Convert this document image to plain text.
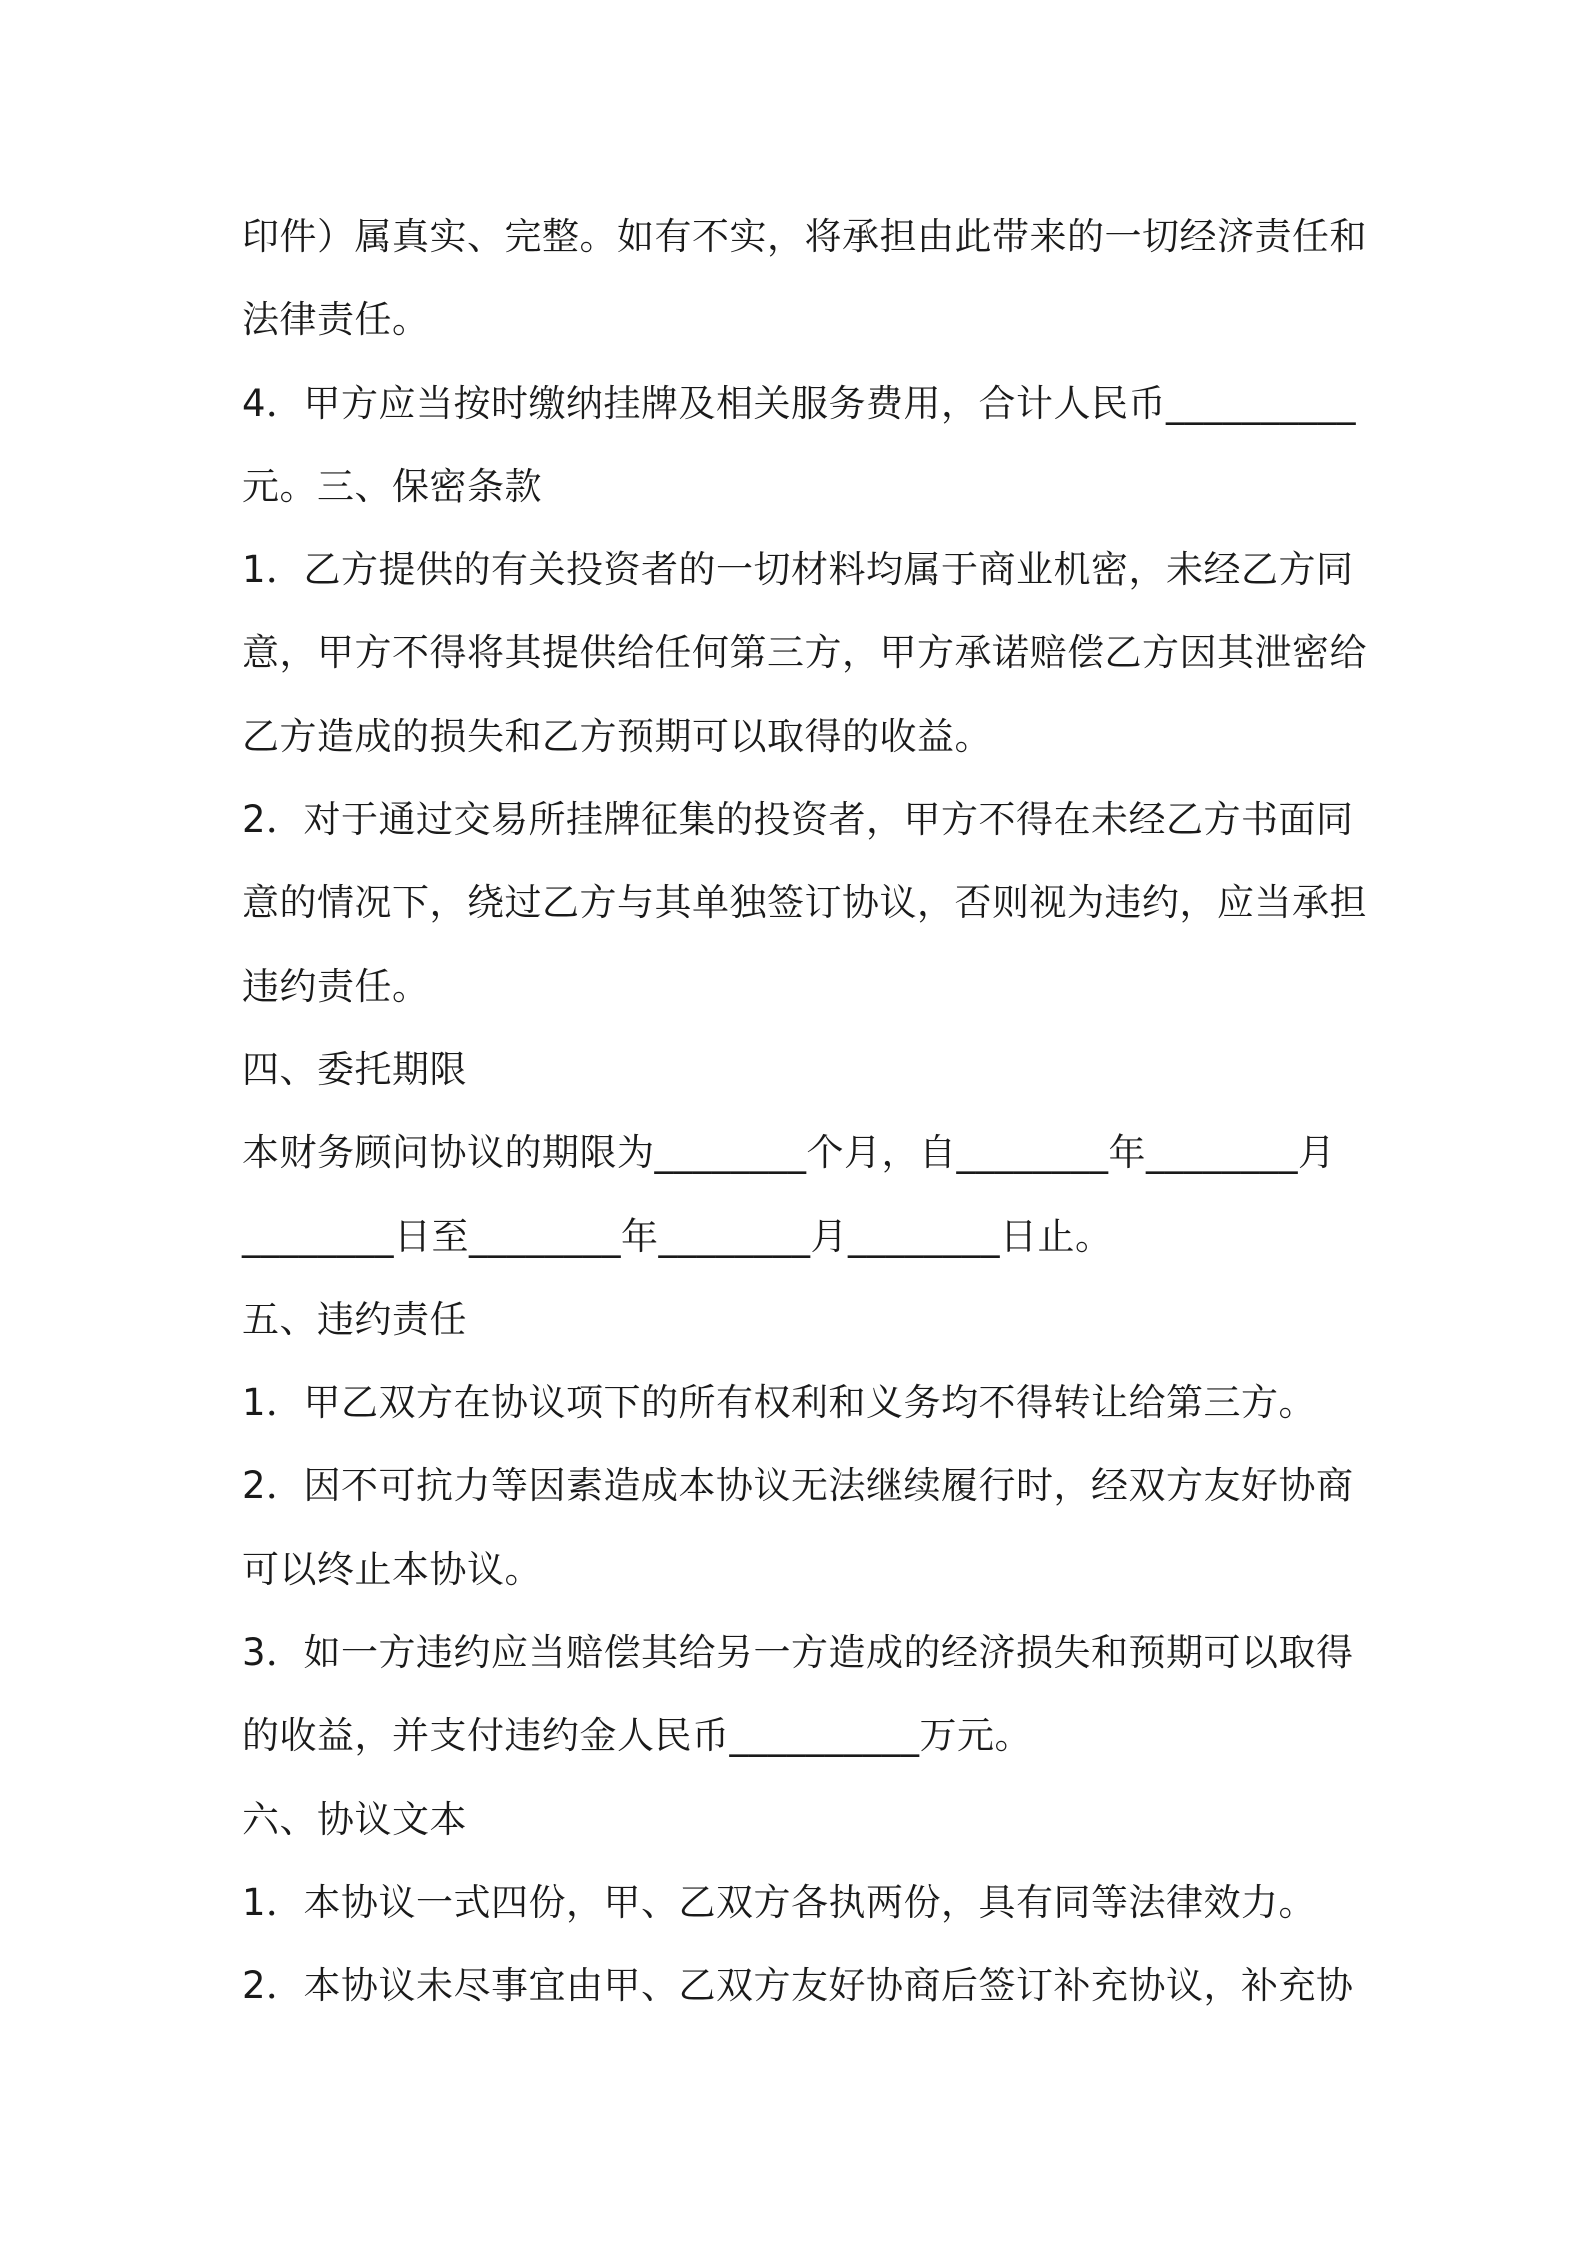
印件）属真实、完整。如有不实，将承担由此带来的一切经济责任和
法律责任。
4．甲方应当按时缴纳挂牌及相关服务费用，合计人民币__________
元。三、保密条款
1．乙方提供的有关投资者的一切材料均属于商业机密，未经乙方同
意，甲方不得将其提供给任何第三方，甲方承诺赔偿乙方因其泄密给
乙方造成的损失和乙方预期可以取得的收益。
2．对于通过交易所挂牌征集的投资者，甲方不得在未经乙方书面同
意的情况下，绕过乙方与其单独签订协议，否则视为违约，应当承担
违约责任。
四、委托期限
本财务顾问协议的期限为________个月，自________年________月
________日至________年________月________日止。
五、违约责任
1．甲乙双方在协议项下的所有权利和义务均不得转让给第三方。
2．因不可抗力等因素造成本协议无法继续履行时，经双方友好协商
可以终止本协议。
3．如一方违约应当赔偿其给另一方造成的经济损失和预期可以取得
的收益，并支付违约金人民币__________万元。
六、协议文本
1．本协议一式四份，甲、乙双方各执两份，具有同等法律效力。
2．本协议未尽事宜由甲、乙双方友好协商后签订补充协议，补充协
